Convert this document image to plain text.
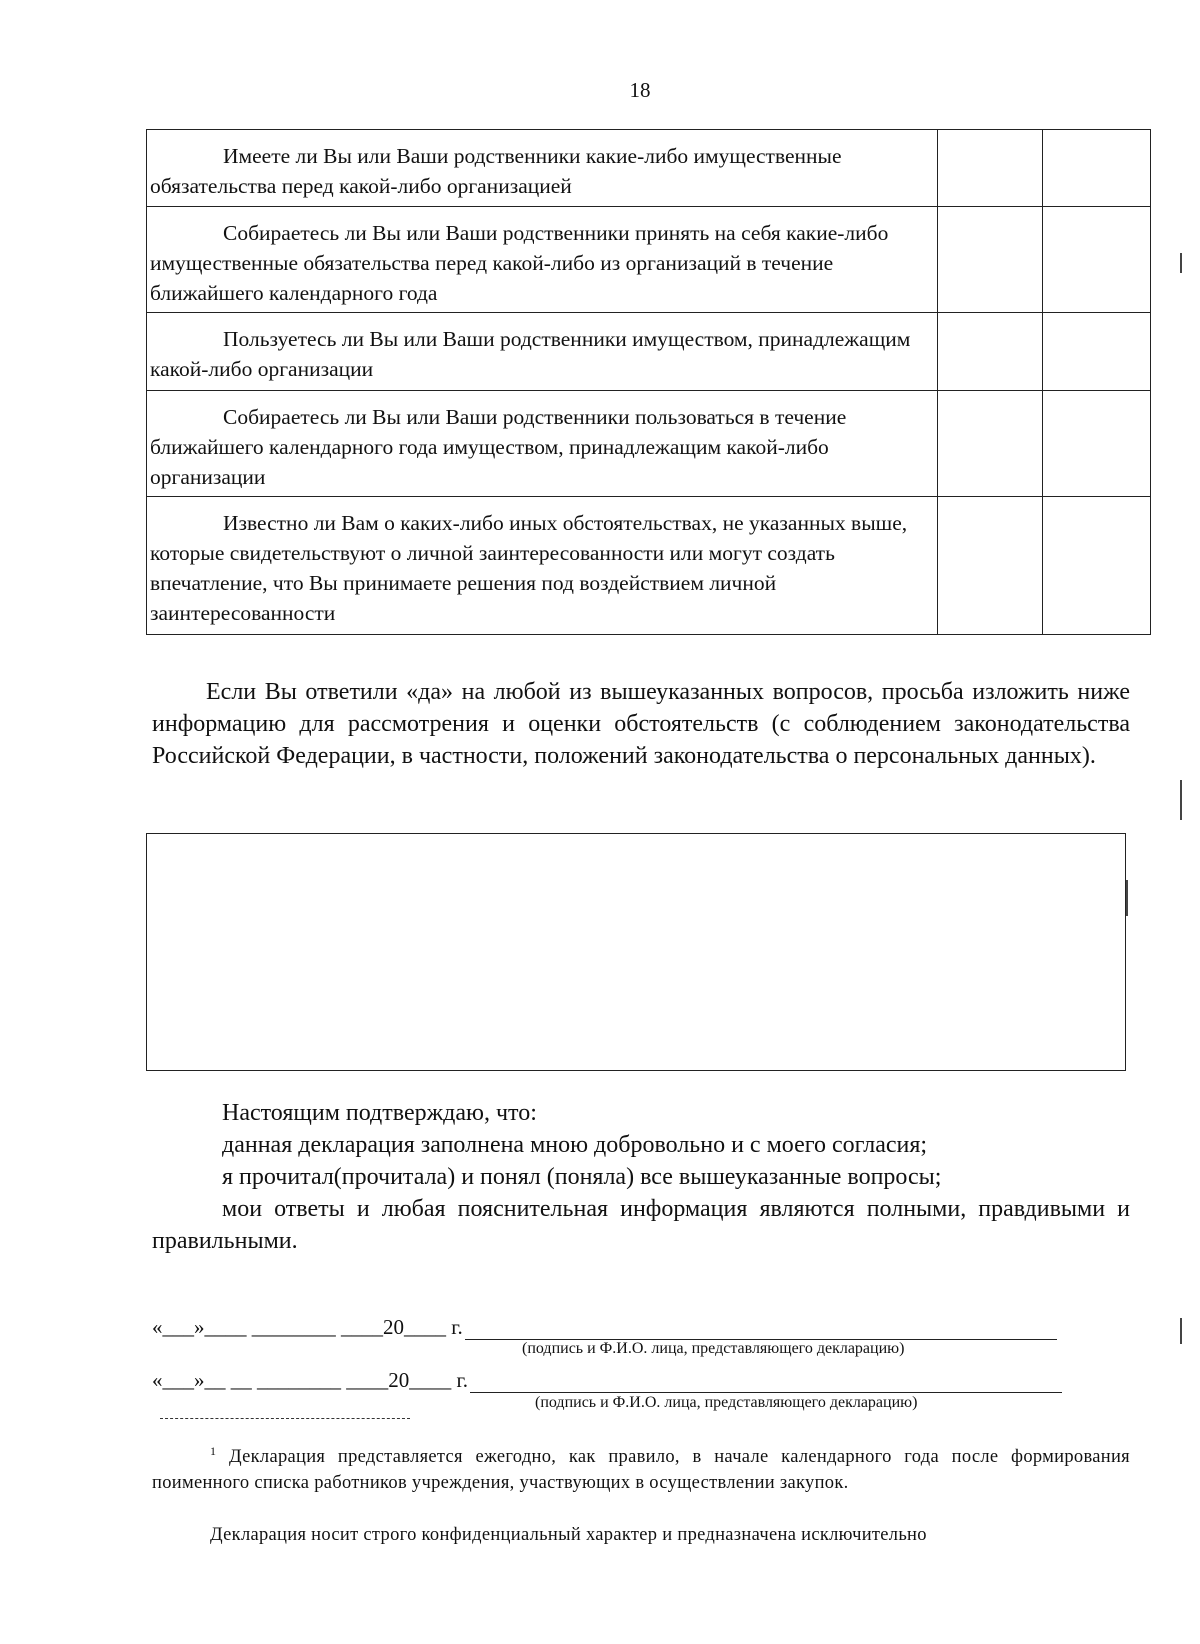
18
Имеете ли Вы или Ваши родственники какие-либо имущественные обязательства перед какой-либо организацией		

Собираетесь ли Вы или Ваши родственники принять на себя какие-либо имущественные обязательства перед какой-либо из организаций в течение ближайшего календарного года		

Пользуетесь ли Вы или Ваши родственники имуществом, принадлежащим какой-либо организации		

Собираетесь ли Вы или Ваши родственники пользоваться в течение ближайшего календарного года имуществом, принадлежащим какой-либо организации		

Известно ли Вам о каких-либо иных обстоятельствах, не указанных выше, которые свидетельствуют о личной заинтересованности или могут создать впечатление, что Вы принимаете решения под воздействием личной заинтересованности		

Если Вы ответили «да» на любой из вышеуказанных вопросов, просьба изложить ниже информацию для рассмотрения и оценки обстоятельств (с соблюдением законодательства Российской Федерации, в частности, положений законодательства о персональных данных).
Настоящим подтверждаю, что:
данная декларация заполнена мною добровольно и с моего согласия;
я прочитал(прочитала) и понял (поняла) все вышеуказанные вопросы;
мои ответы и любая пояснительная информация являются полными, правдивыми и правильными.
«___»____ ________ ____20____ г.
(подпись и Ф.И.О. лица, представляющего декларацию)
«___»__ __ ________ ____20____ г.
(подпись и Ф.И.О. лица, представляющего декларацию)
$^1$ Декларация представляется ежегодно, как правило, в начале календарного года после формирования поименного списка работников учреждения, участвующих в осуществлении закупок.
Декларация носит строго конфиденциальный характер и предназначена исключительно
